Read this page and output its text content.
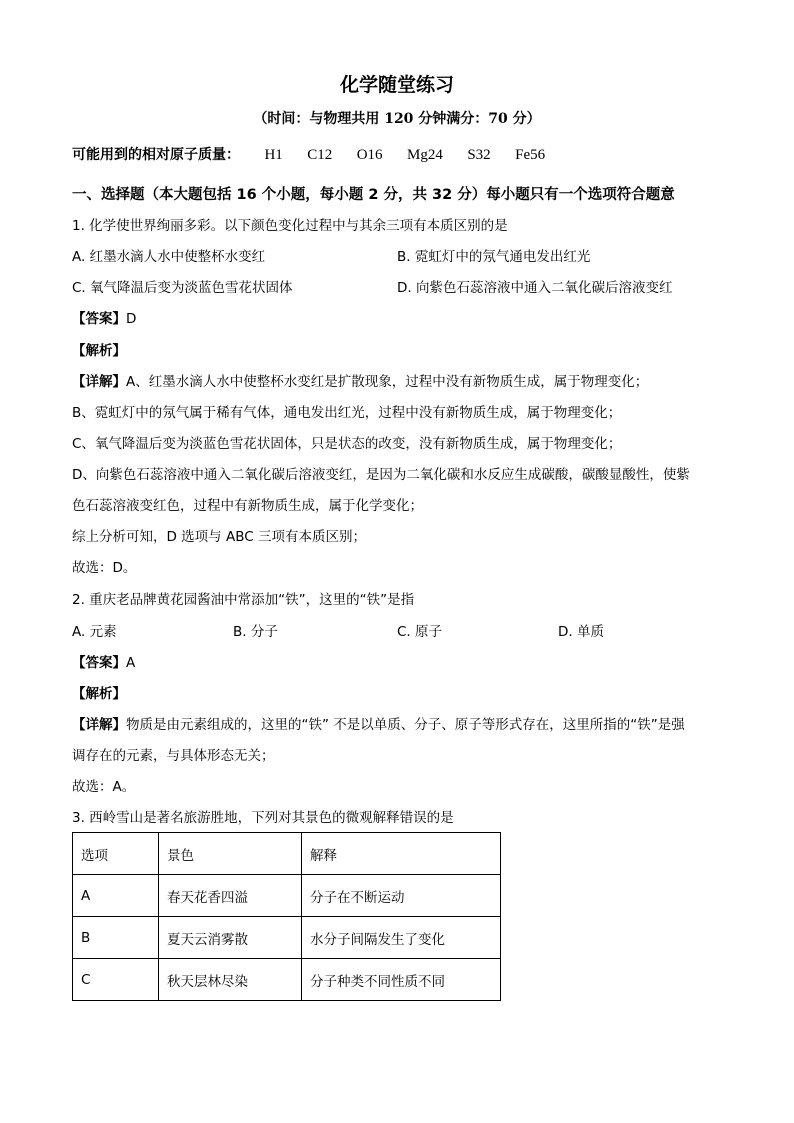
化学随堂练习
（时间：与物理共用 120 分钟满分：70 分）
可能用到的相对原子质量： H1 C12 O16 Mg24 S32 Fe56
一、选择题（本大题包括 16 个小题，每小题 2 分，共 32 分）每小题只有一个选项符合题意
1. 化学使世界绚丽多彩。以下颜色变化过程中与其余三项有本质区别的是
A. 红墨水滴人水中使整杯水变红	B. 霓虹灯中的氖气通电发出红光
C. 氧气降温后变为淡蓝色雪花状固体	D. 向紫色石蕊溶液中通入二氧化碳后溶液变红
【答案】D
【解析】
【详解】A、红墨水滴人水中使整杯水变红是扩散现象，过程中没有新物质生成，属于物理变化；
B、霓虹灯中的氖气属于稀有气体，通电发出红光，过程中没有新物质生成，属于物理变化；
C、氧气降温后变为淡蓝色雪花状固体，只是状态的改变，没有新物质生成，属于物理变化；
D、向紫色石蕊溶液中通入二氧化碳后溶液变红，是因为二氧化碳和水反应生成碳酸，碳酸显酸性，使紫
色石蕊溶液变红色，过程中有新物质生成，属于化学变化；
综上分析可知，D 选项与 ABC 三项有本质区别；
故选：D。
2. 重庆老品牌黄花园酱油中常添加“铁”，这里的“铁”是指
A. 元素	B. 分子	C. 原子	D. 单质
【答案】A
【解析】
【详解】物质是由元素组成的，这里的“铁” 不是以单质、分子、原子等形式存在，这里所指的“铁”是强
调存在的元素，与具体形态无关；
故选：A。
3. 西岭雪山是著名旅游胜地，下列对其景色的微观解释错误的是
选项	景色	解释
A	春天花香四溢	分子在不断运动
B	夏天云消雾散	水分子间隔发生了变化
C	秋天层林尽染	分子种类不同性质不同
